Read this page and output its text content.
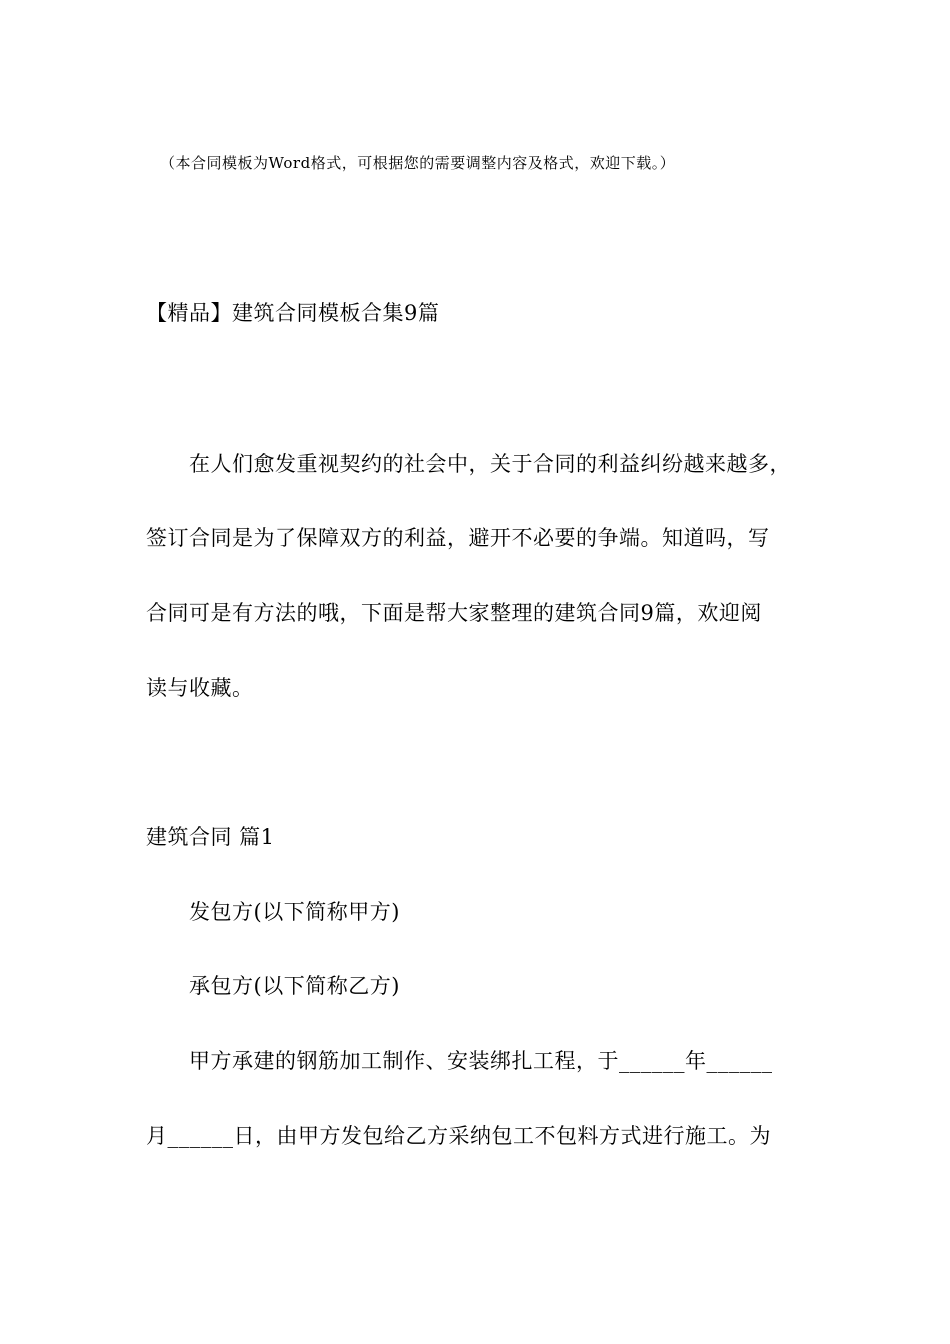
（本合同模板为Word格式，可根据您的需要调整内容及格式，欢迎下载。）
【精品】建筑合同模板合集9篇
在人们愈发重视契约的社会中，关于合同的利益纠纷越来越多，
签订合同是为了保障双方的利益，避开不必要的争端。知道吗，写
合同可是有方法的哦，下面是帮大家整理的建筑合同9篇，欢迎阅
读与收藏。
建筑合同 篇1
发包方(以下简称甲方)
承包方(以下简称乙方)
甲方承建的钢筋加工制作、安装绑扎工程，于______年______
月______日，由甲方发包给乙方采纳包工不包料方式进行施工。为
